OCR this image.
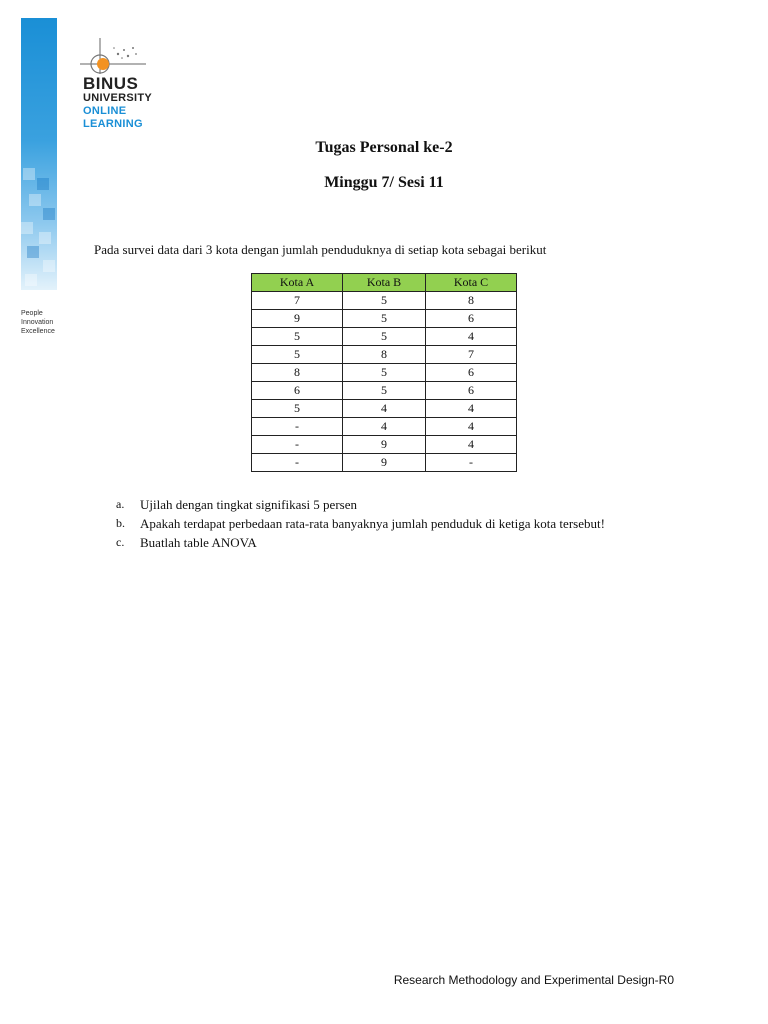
People
Innovation
Excellence
BINUS
UNIVERSITY
ONLINE
LEARNING
Tugas Personal ke-2
Minggu 7/ Sesi 11
Pada survei data dari 3 kota dengan jumlah penduduknya di setiap kota sebagai berikut
Kota A	Kota B	Kota C
7	5	8
9	5	6
5	5	4
5	8	7
8	5	6
6	5	6
5	4	4
-	4	4
-	9	4
-	9	-
a. Ujilah dengan tingkat signifikasi 5 persen
b. Apakah terdapat perbedaan rata-rata banyaknya jumlah penduduk di ketiga kota tersebut!
c. Buatlah table ANOVA
Research Methodology and Experimental Design-R0
